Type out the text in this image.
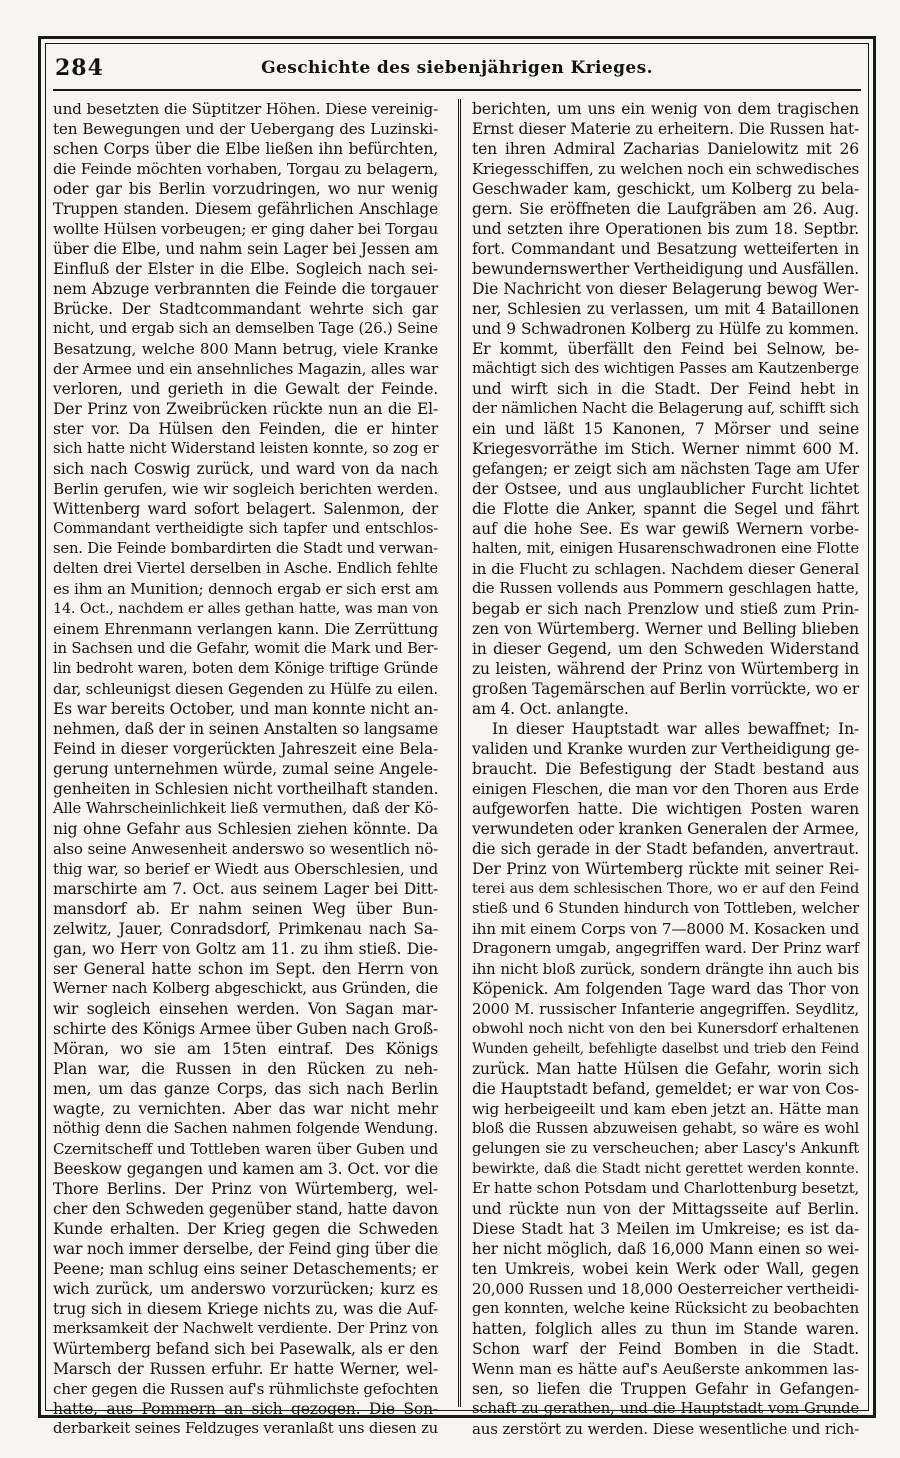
284	Geschichte des siebenjährigen Krieges.
und besetzten die Süptitzer Höhen. Diese vereinig-
ten Bewegungen und der Uebergang des Luzinski-
schen Corps über die Elbe ließen ihn befürchten,
die Feinde möchten vorhaben, Torgau zu belagern,
oder gar bis Berlin vorzudringen, wo nur wenig
Truppen standen. Diesem gefährlichen Anschlage
wollte Hülsen vorbeugen; er ging daher bei Torgau
über die Elbe, und nahm sein Lager bei Jessen am
Einfluß der Elster in die Elbe. Sogleich nach sei-
nem Abzuge verbrannten die Feinde die torgauer
Brücke. Der Stadtcommandant wehrte sich gar
nicht, und ergab sich an demselben Tage (26.) Seine
Besatzung, welche 800 Mann betrug, viele Kranke
der Armee und ein ansehnliches Magazin, alles war
verloren, und gerieth in die Gewalt der Feinde.
Der Prinz von Zweibrücken rückte nun an die El-
ster vor. Da Hülsen den Feinden, die er hinter
sich hatte nicht Widerstand leisten konnte, so zog er
sich nach Coswig zurück, und ward von da nach
Berlin gerufen, wie wir sogleich berichten werden.
Wittenberg ward sofort belagert. Salenmon, der
Commandant vertheidigte sich tapfer und entschlos-
sen. Die Feinde bombardirten die Stadt und verwan-
delten drei Viertel derselben in Asche. Endlich fehlte
es ihm an Munition; dennoch ergab er sich erst am
14. Oct., nachdem er alles gethan hatte, was man von
einem Ehrenmann verlangen kann. Die Zerrüttung
in Sachsen und die Gefahr, womit die Mark und Ber-
lin bedroht waren, boten dem Könige triftige Gründe
dar, schleunigst diesen Gegenden zu Hülfe zu eilen.
Es war bereits October, und man konnte nicht an-
nehmen, daß der in seinen Anstalten so langsame
Feind in dieser vorgerückten Jahreszeit eine Bela-
gerung unternehmen würde, zumal seine Angele-
genheiten in Schlesien nicht vortheilhaft standen.
Alle Wahrscheinlichkeit ließ vermuthen, daß der Kö-
nig ohne Gefahr aus Schlesien ziehen könnte. Da
also seine Anwesenheit anderswo so wesentlich nö-
thig war, so berief er Wiedt aus Oberschlesien, und
marschirte am 7. Oct. aus seinem Lager bei Ditt-
mansdorf ab. Er nahm seinen Weg über Bun-
zelwitz, Jauer, Conradsdorf, Primkenau nach Sa-
gan, wo Herr von Goltz am 11. zu ihm stieß. Die-
ser General hatte schon im Sept. den Herrn von
Werner nach Kolberg abgeschickt, aus Gründen, die
wir sogleich einsehen werden. Von Sagan mar-
schirte des Königs Armee über Guben nach Groß-
Möran, wo sie am 15ten eintraf. Des Königs
Plan war, die Russen in den Rücken zu neh-
men, um das ganze Corps, das sich nach Berlin
wagte, zu vernichten. Aber das war nicht mehr
nöthig denn die Sachen nahmen folgende Wendung.
Czernitscheff und Tottleben waren über Guben und
Beeskow gegangen und kamen am 3. Oct. vor die
Thore Berlins. Der Prinz von Würtemberg, wel-
cher den Schweden gegenüber stand, hatte davon
Kunde erhalten. Der Krieg gegen die Schweden
war noch immer derselbe, der Feind ging über die
Peene; man schlug eins seiner Detaschements; er
wich zurück, um anderswo vorzurücken; kurz es
trug sich in diesem Kriege nichts zu, was die Auf-
merksamkeit der Nachwelt verdiente. Der Prinz von
Würtemberg befand sich bei Pasewalk, als er den
Marsch der Russen erfuhr. Er hatte Werner, wel-
cher gegen die Russen auf's rühmlichste gefochten
hatte, aus Pommern an sich gezogen. Die Son-
derbarkeit seines Feldzuges veranlaßt uns diesen zu
berichten, um uns ein wenig von dem tragischen
Ernst dieser Materie zu erheitern. Die Russen hat-
ten ihren Admiral Zacharias Danielowitz mit 26
Kriegesschiffen, zu welchen noch ein schwedisches
Geschwader kam, geschickt, um Kolberg zu bela-
gern. Sie eröffneten die Laufgräben am 26. Aug.
und setzten ihre Operationen bis zum 18. Septbr.
fort. Commandant und Besatzung wetteiferten in
bewundernswerther Vertheidigung und Ausfällen.
Die Nachricht von dieser Belagerung bewog Wer-
ner, Schlesien zu verlassen, um mit 4 Bataillonen
und 9 Schwadronen Kolberg zu Hülfe zu kommen.
Er kommt, überfällt den Feind bei Selnow, be-
mächtigt sich des wichtigen Passes am Kautzenberge
und wirft sich in die Stadt. Der Feind hebt in
der nämlichen Nacht die Belagerung auf, schifft sich
ein und läßt 15 Kanonen, 7 Mörser und seine
Kriegesvorräthe im Stich. Werner nimmt 600 M.
gefangen; er zeigt sich am nächsten Tage am Ufer
der Ostsee, und aus unglaublicher Furcht lichtet
die Flotte die Anker, spannt die Segel und fährt
auf die hohe See. Es war gewiß Wernern vorbe-
halten, mit, einigen Husarenschwadronen eine Flotte
in die Flucht zu schlagen. Nachdem dieser General
die Russen vollends aus Pommern geschlagen hatte,
begab er sich nach Prenzlow und stieß zum Prin-
zen von Würtemberg. Werner und Belling blieben
in dieser Gegend, um den Schweden Widerstand
zu leisten, während der Prinz von Würtemberg in
großen Tagemärschen auf Berlin vorrückte, wo er
am 4. Oct. anlangte.
In dieser Hauptstadt war alles bewaffnet; In-
validen und Kranke wurden zur Vertheidigung ge-
braucht. Die Befestigung der Stadt bestand aus
einigen Fleschen, die man vor den Thoren aus Erde
aufgeworfen hatte. Die wichtigen Posten waren
verwundeten oder kranken Generalen der Armee,
die sich gerade in der Stadt befanden, anvertraut.
Der Prinz von Würtemberg rückte mit seiner Rei-
terei aus dem schlesischen Thore, wo er auf den Feind
stieß und 6 Stunden hindurch von Tottleben, welcher
ihn mit einem Corps von 7—8000 M. Kosacken und
Dragonern umgab, angegriffen ward. Der Prinz warf
ihn nicht bloß zurück, sondern drängte ihn auch bis
Köpenick. Am folgenden Tage ward das Thor von
2000 M. russischer Infanterie angegriffen. Seydlitz,
obwohl noch nicht von den bei Kunersdorf erhaltenen
Wunden geheilt, befehligte daselbst und trieb den Feind
zurück. Man hatte Hülsen die Gefahr, worin sich
die Hauptstadt befand, gemeldet; er war von Cos-
wig herbeigeeilt und kam eben jetzt an. Hätte man
bloß die Russen abzuweisen gehabt, so wäre es wohl
gelungen sie zu verscheuchen; aber Lascy's Ankunft
bewirkte, daß die Stadt nicht gerettet werden konnte.
Er hatte schon Potsdam und Charlottenburg besetzt,
und rückte nun von der Mittagsseite auf Berlin.
Diese Stadt hat 3 Meilen im Umkreise; es ist da-
her nicht möglich, daß 16,000 Mann einen so wei-
ten Umkreis, wobei kein Werk oder Wall, gegen
20,000 Russen und 18,000 Oesterreicher vertheidi-
gen konnten, welche keine Rücksicht zu beobachten
hatten, folglich alles zu thun im Stande waren.
Schon warf der Feind Bomben in die Stadt.
Wenn man es hätte auf's Aeußerste ankommen las-
sen, so liefen die Truppen Gefahr in Gefangen-
schaft zu gerathen, und die Hauptstadt vom Grunde
aus zerstört zu werden. Diese wesentliche und rich-
